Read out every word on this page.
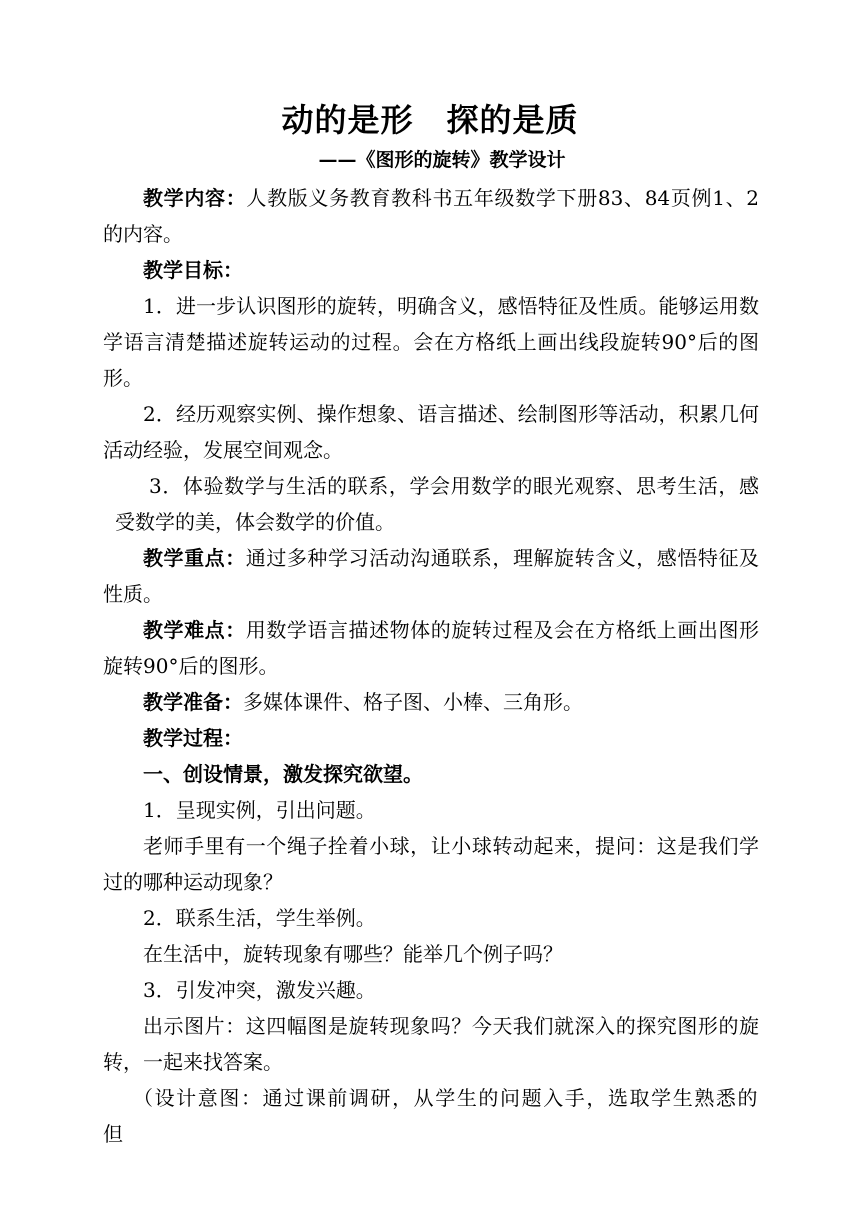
动的是形　探的是质
——《图形的旋转》教学设计

教学内容：人教版义务教育教科书五年级数学下册83、84页例1、2的内容。

教学目标：

1．进一步认识图形的旋转，明确含义，感悟特征及性质。能够运用数学语言清楚描述旋转运动的过程。会在方格纸上画出线段旋转90°后的图形。

2．经历观察实例、操作想象、语言描述、绘制图形等活动，积累几何活动经验，发展空间观念。

3．体验数学与生活的联系，学会用数学的眼光观察、思考生活，感受数学的美，体会数学的价值。

教学重点：通过多种学习活动沟通联系，理解旋转含义，感悟特征及性质。

教学难点：用数学语言描述物体的旋转过程及会在方格纸上画出图形旋转90°后的图形。

教学准备：多媒体课件、格子图、小棒、三角形。

教学过程：

一、创设情景，激发探究欲望。

1．呈现实例，引出问题。

老师手里有一个绳子拴着小球，让小球转动起来，提问：这是我们学过的哪种运动现象？

2．联系生活，学生举例。

在生活中，旋转现象有哪些？能举几个例子吗？

3．引发冲突，激发兴趣。

出示图片：这四幅图是旋转现象吗？今天我们就深入的探究图形的旋转，一起来找答案。

（设计意图：通过课前调研，从学生的问题入手，选取学生熟悉的但
